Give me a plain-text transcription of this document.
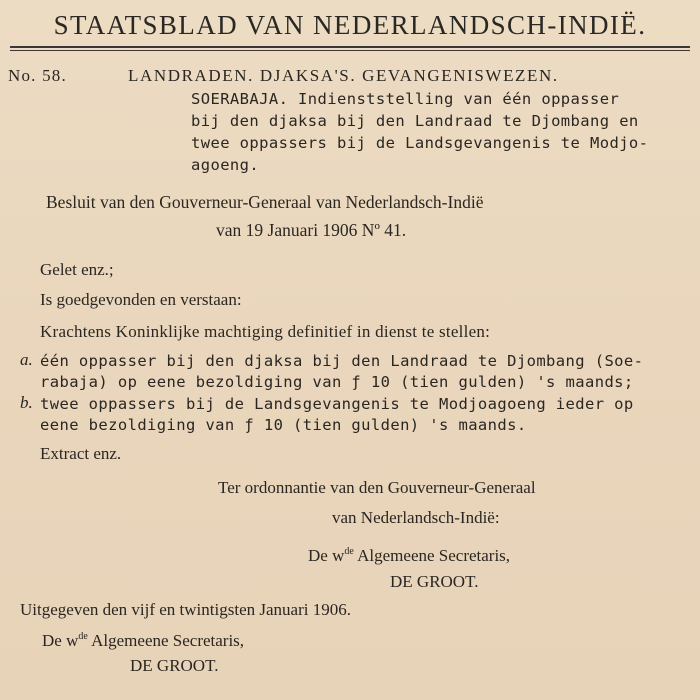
STAATSBLAD VAN NEDERLANDSCH-INDIË.
No. 58.	LANDRADEN. DJAKSA'S. GEVANGENISWEZEN.
SOERABAJA. Indienststelling van één oppasser
bij den djaksa bij den Landraad te Djombang en
twee oppassers bij de Landsgevangenis te Modjo-
agoeng.
Besluit van den Gouverneur-Generaal van Nederlandsch-Indië
van 19 Januari 1906 Nº 41.
Gelet enz.;
Is goedgevonden en verstaan:
Krachtens Koninklijke machtiging definitief in dienst te stellen:
a. één oppasser bij den djaksa bij den Landraad te Djombang (Soe-
rabaja) op eene bezoldiging van ƒ 10 (tien gulden) 's maands;
b. twee oppassers bij de Landsgevangenis te Modjoagoeng ieder op
eene bezoldiging van ƒ 10 (tien gulden) 's maands.
Extract enz.
Ter ordonnantie van den Gouverneur-Generaal
van Nederlandsch-Indië:
De $w^{de}$ Algemeene Secretaris,
DE GROOT.
Uitgegeven den vijf en twintigsten Januari 1906.
De $w^{de}$ Algemeene Secretaris,
DE GROOT.
